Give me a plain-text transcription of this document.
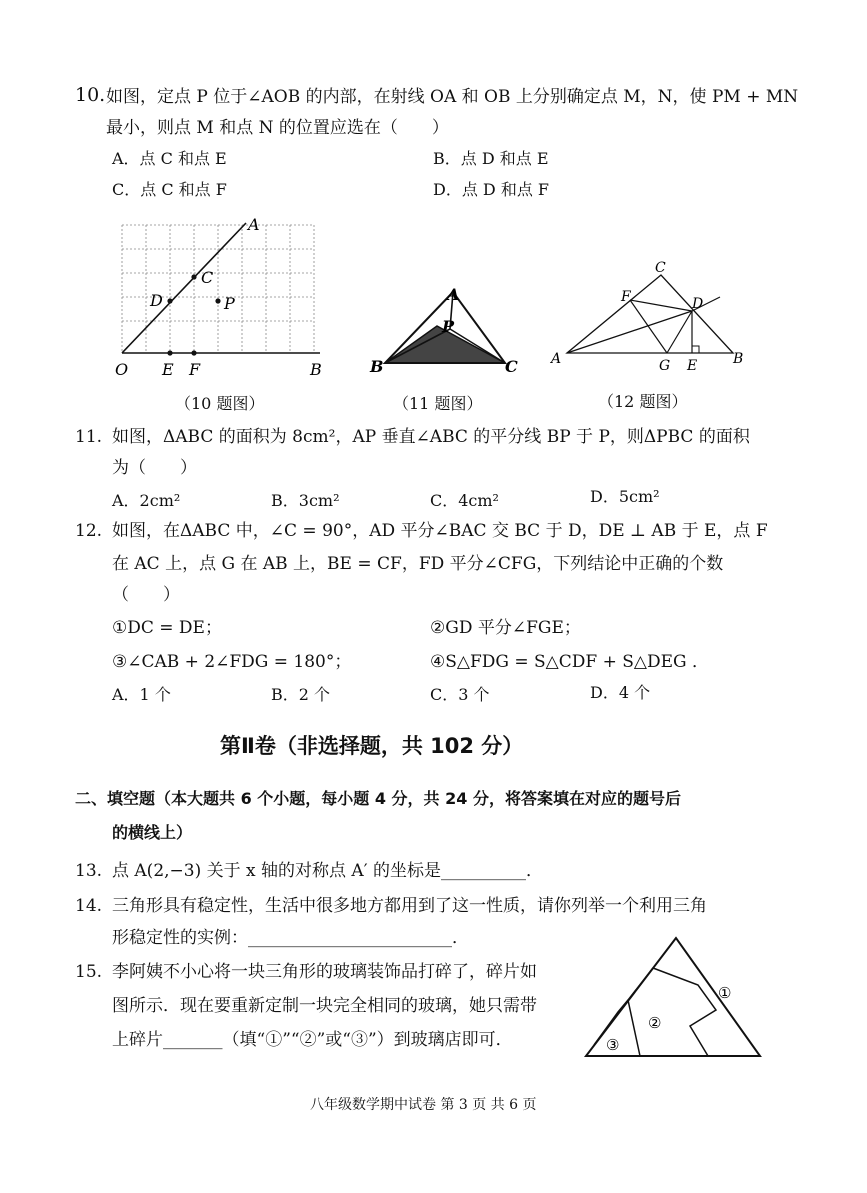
10. 如图，定点 P 位于∠AOB 的内部，在射线 OA 和 OB 上分别确定点 M，N，使 PM + MN
最小，则点 M 和点 N 的位置应选在（　　）
A．点 C 和点 E	B．点 D 和点 E
C．点 C 和点 F	D．点 D 和点 F
A
C
D	P
O E F	B
（10 题图）
A
P
B	C
（11 题图）
C
F	D
A	G E	B
（12 题图）
11. 如图，ΔABC 的面积为 8cm²，AP 垂直∠ABC 的平分线 BP 于 P，则ΔPBC 的面积
为（　　）
A．2cm²	B．3cm²	C．4cm²	D．5cm²
12. 如图，在ΔABC 中，∠C = 90°，AD 平分∠BAC 交 BC 于 D，DE ⊥ AB 于 E，点 F
在 AC 上，点 G 在 AB 上，BE = CF，FD 平分∠CFG，下列结论中正确的个数
（　　）
①DC = DE；	②GD 平分∠FGE；
③∠CAB + 2∠FDG = 180°；	④S△FDG = S△CDF + S△DEG ．
A．1 个	B．2 个	C．3 个	D．4 个
第Ⅱ卷（非选择题，共 102 分）
二、填空题（本大题共 6 个小题，每小题 4 分，共 24 分，将答案填在对应的题号后
的横线上）
13. 点 A(2,−3) 关于 x 轴的对称点 A′ 的坐标是__________．
14. 三角形具有稳定性，生活中很多地方都用到了这一性质，请你列举一个利用三角
形稳定性的实例：________________________．
15. 李阿姨不小心将一块三角形的玻璃装饰品打碎了，碎片如
图所示．现在要重新定制一块完全相同的玻璃，她只需带
上碎片_______（填“①”“②”或“③”）到玻璃店即可．
①
②
③
八年级数学期中试卷 第 3 页 共 6 页
